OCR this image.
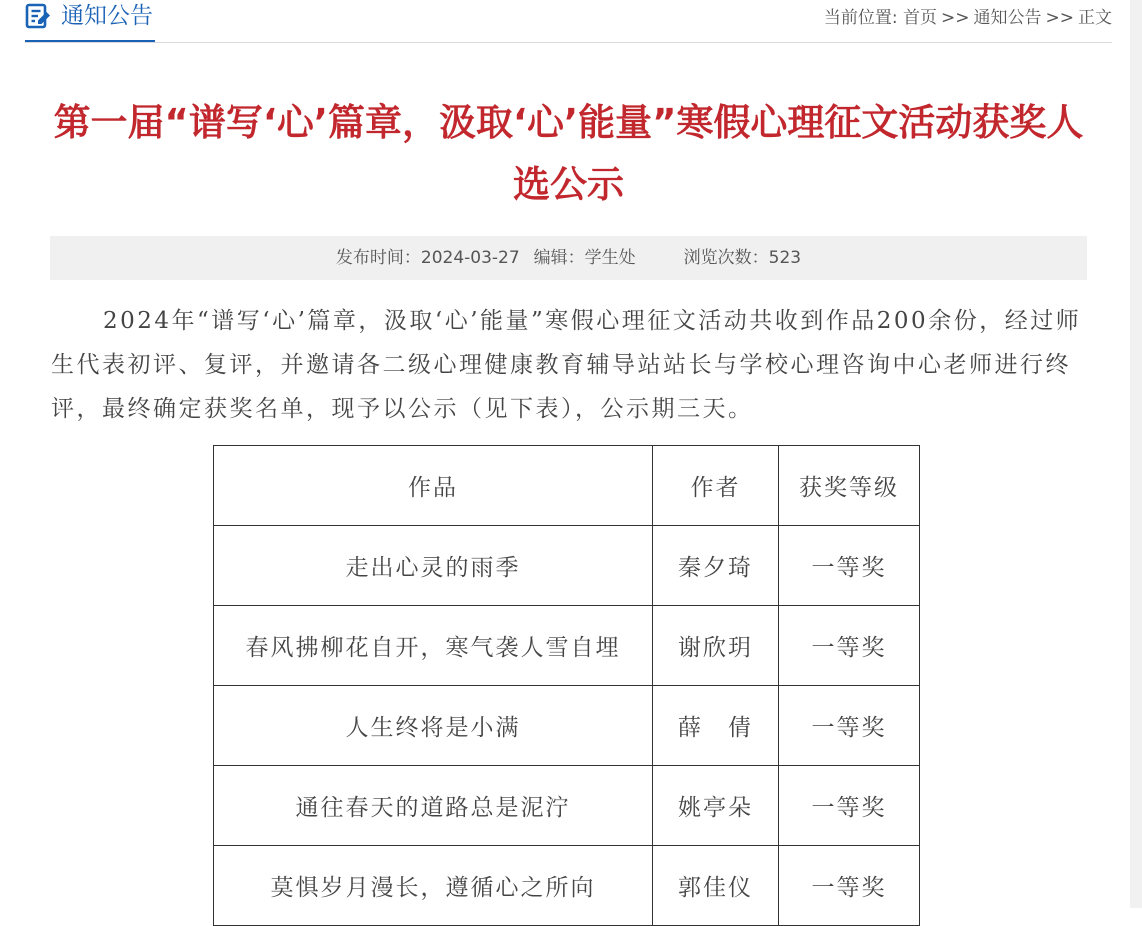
通知公告	当前位置: 首页 >> 通知公告 >> 正文
第一届“谱写‘心’篇章，汲取‘心’能量”寒假心理征文活动获奖人选公示
发布时间：2024-03-27 编辑：学生处	浏览次数：523

2024年“谱写‘心’篇章，汲取‘心’能量”寒假心理征文活动共收到作品200余份，经过师生代表初评、复评，并邀请各二级心理健康教育辅导站站长与学校心理咨询中心老师进行终评，最终确定获奖名单，现予以公示（见下表），公示期三天。

作品	作者	获奖等级
走出心灵的雨季	秦夕琦	一等奖
春风拂柳花自开，寒气袭人雪自埋	谢欣玥	一等奖
人生终将是小满	薛　倩	一等奖
通往春天的道路总是泥泞	姚亭朵	一等奖
莫惧岁月漫长，遵循心之所向	郭佳仪	一等奖
